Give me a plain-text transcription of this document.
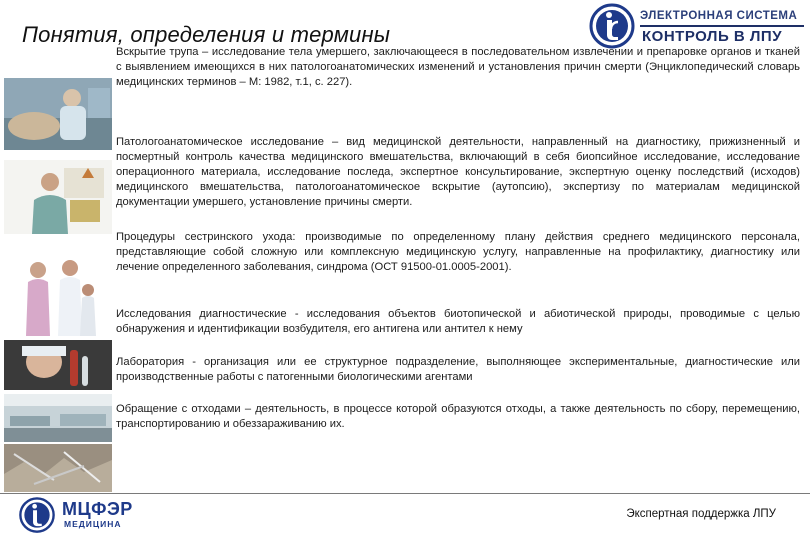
Понятия, определения и термины
ЭЛЕКТРОННАЯ СИСТЕМА
КОНТРОЛЬ В ЛПУ
Вскрытие трупа – исследование тела умершего, заключающееся в последовательном извлечении и препаровке органов и тканей с выявлением имеющихся в них патологоанатомических изменений и установления причин смерти (Энциклопедический словарь медицинских терминов – М: 1982, т.1, с. 227).
Патологоанатомическое исследование – вид медицинской деятельности, направленный на диагностику, прижизненный и посмертный контроль качества медицинского вмешательства, включающий в себя биопсийное исследование, исследование операционного материала, исследование последа, экспертное консультирование, экспертную оценку последствий (исходов) медицинского вмешательства, патологоанатомическое вскрытие (аутопсию), экспертизу по материалам медицинской документации умершего, установление причины смерти.
Процедуры сестринского ухода: производимые по определенному плану действия среднего медицинского персонала, представляющие собой сложную или комплексную медицинскую услугу, направленные на профилактику, диагностику или лечение определенного заболевания, синдрома (ОСТ 91500-01.0005-2001).
Исследования диагностические - исследования объектов биотопической и абиотической природы, проводимые с целью обнаружения и идентификации возбудителя, его антигена или антител к нему
Лаборатория - организация или ее структурное подразделение, выполняющее экспериментальные, диагностические или производственные работы с патогенными биологическими агентами
Обращение с отходами – деятельность, в процессе которой образуются отходы, а также деятельность по сбору, перемещению, транспортированию и обеззараживанию их.
МЦФЭР
МЕДИЦИНА
Экспертная поддержка ЛПУ
